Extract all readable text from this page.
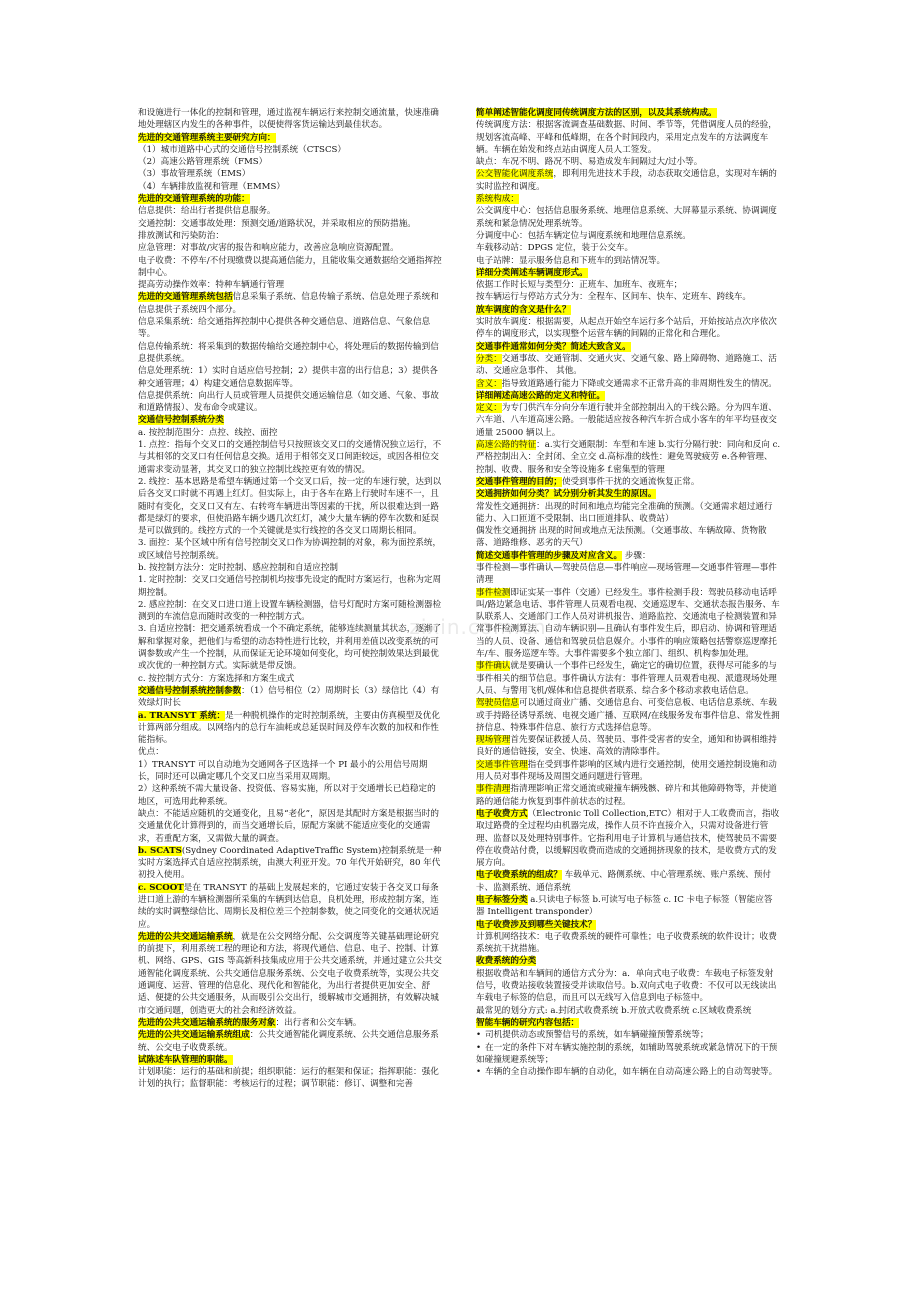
和设施进行一体化的控制和管理，通过监视车辆运行来控制交通流量，快速准确地处理辖区内发生的各种事件，以便使得客货运输达到最佳状态。
先进的交通管理系统主要研究方向：
（1）城市道路中心式的交通信号控制系统（CTSCS）
（2）高速公路管理系统（FMS）
（3）事故管理系统（EMS）
（4）车辆排放监视和管理（EMMS）
先进的交通管理系统的功能：
信息提供：给出行者提供信息服务。
交通控制：交通事故处理：预测交通/道路状况，并采取相应的预防措施。
排放测试和污染防治：
应急管理：对事故/灾害的报告和响应能力，改善应急响应资源配置。
电子收费：不停车/不付现缴费以提高通信能力，且能收集交通数据给交通指挥控制中心。
提高劳动操作效率：特种车辆通行管理
先进的交通管理系统包括信息采集子系统、信息传输子系统、信息处理子系统和信息提供子系统四个部分。
信息采集系统：给交通指挥控制中心提供各种交通信息、道路信息、气象信息等。
信息传输系统：将采集到的数据传输给交通控制中心，将处理后的数据传输到信息提供系统。
信息处理系统：1）实时自适应信号控制；2）提供丰富的出行信息；3）提供各种交通管理；4）构建交通信息数据库等。
信息提供系统：向出行人员或管理人员提供交通运输信息（如交通、气象、事故和道路情报）、发布命令或建议。
交通信号控制系统分类
a. 按控制范围分：点控、线控、面控
1. 点控：指每个交叉口的交通控制信号只按照该交叉口的交通情况独立运行，不与其相邻的交叉口有任何信息交换。适用于相邻交叉口间距较远，或因各相位交通需求变动显著，其交叉口的独立控制比线控更有效的情况。
2. 线控：基本思路是希望车辆通过第一个交叉口后，按一定的车速行驶，达到以后各交叉口时就不再遇上红灯。但实际上，由于各车在路上行驶时车速不一，且随时有变化，交叉口又有左、右转弯车辆进出等因素的干扰，所以很难达到一路都是绿灯的要求，但使沿路车辆少遇几次红灯，减少大量车辆的停车次数和延误是可以做到的。线控方式的一个关键就是实行线控的各交叉口周期长相同。
3. 面控：某个区域中所有信号控制交叉口作为协调控制的对象，称为面控系统，或区域信号控制系统。
b. 按控制方法分：定时控制、感应控制和自适应控制
1. 定时控制：交叉口交通信号控制机均按事先设定的配时方案运行，也称为定周期控制。
2. 感应控制：在交叉口进口道上设置车辆检测器，信号灯配时方案可随检测器检测到的车流信息而随时改变的一种控制方式。
3. 自适应控制：把交通系统看成一个不确定系统，能够连续测量其状态，逐渐了解和掌握对象，把他们与希望的动态特性进行比较，并利用差值以改变系统的可调参数或产生一个控制，从而保证无论环境如何变化，均可使控制效果达到最优或次优的一种控制方式。实际就是带反馈。
c. 按控制方式分：方案选择和方案生成式
交通信号控制系统控制参数：（1）信号相位（2）周期时长（3）绿信比（4）有效绿灯时长
a. TRANSYT 系统：是一种脱机操作的定时控制系统，主要由仿真模型及优化计算两部分组成。以网络内的总行车油耗或总延误时间及停车次数的加权和作性能指标。
优点：
1）TRANSYT 可以自动地为交通网各子区选择一个 PI 最小的公用信号周期长，同时还可以确定哪几个交叉口应当采用双周期。
2）这种系统不需大量设备、投资低、容易实施，所以对于交通增长已趋稳定的地区，可选用此种系统。
缺点：不能适应随机的交通变化，且易“老化”，原因是其配时方案是根据当时的交通量优化计算得到的，而当交通增长后，原配方案就不能适应变化的交通需求，若重配方案，又需做大量的调查。
b. SCATS(Sydney Coordinated AdaptiveTraffic System)控制系统是一种实时方案选择式自适应控制系统，由澳大利亚开发。70 年代开始研究，80 年代初投入使用。
c. SCOOT是在 TRANSYT 的基础上发展起来的，它通过安装于各交叉口每条进口道上游的车辆检测器所采集的车辆到达信息，良机处理，形成控制方案，连续的实时调整绿信比、周期长及相位差三个控制参数，使之同变化的交通状况适应。
先进的公共交通运输系统，就是在公交网络分配、公交调度等关键基础理论研究的前提下，利用系统工程的理论和方法，将现代通信、信息、电子、控制、计算机、网络、GPS、GIS 等高新科技集成应用于公共交通系统，并通过建立公共交通智能化调度系统、公共交通信息服务系统、公交电子收费系统等，实现公共交通调度、运营、管理的信息化、现代化和智能化，为出行者提供更加安全、舒适、便捷的公共交通服务，从而吸引公交出行，缓解城市交通拥挤，有效解决城市交通问题，创造更大的社会和经济效益。
先进的公共交通运输系统的服务对象：出行者和公交车辆。
先进的公共交通运输系统组成：公共交通智能化调度系统、公共交通信息服务系统、公交电子收费系统。
试陈述车队管理的职能。
计划职能：运行的基础和前提；组织职能：运行的框架和保证；指挥职能：强化计划的执行；监督职能：考核运行的过程；调节职能：修订、调整和完善
简单阐述智能化调度同传统调度方法的区别，以及其系统构成。
传统调度方法：根据客流调查基础数据、时间、季节等，凭借调度人员的经验，规划客流高峰、平峰和低峰期，在各个时间段内，采用定点发车的方法调度车辆。车辆在始发和终点站由调度人员人工签发。
缺点：车况不明、路况不明、易造成发车间隔过大/过小等。
公交智能化调度系统，即利用先进技术手段，动态获取交通信息，实现对车辆的实时监控和调度。
系统构成：
公交调度中心：包括信息服务系统、地理信息系统、大屏幕显示系统、协调调度系统和紧急情况处理系统等。
分调度中心：包括车辆定位与调度系统和地理信息系统。
车载移动站：DPGS 定位，装于公交车。
电子站牌：显示服务信息和下班车的到站情况等。
详细分类阐述车辆调度形式。
依据工作时长短与类型分：正班车、加班车、夜班车；
按车辆运行与停站方式分为：全程车、区间车、快车、定班车、跨线车。
放车调度的含义是什么？
实时放车调度：根据需要，从起点开始空车运行多个站后，开始按站点次序依次停车的调度形式，以实现整个运营车辆的间隔的正常化和合理化。
交通事件通常如何分类？简述大致含义。
分类：交通事故、交通管制、交通火灾、交通气象、路上障碍物、道路施工、活动、交通应急事件、 其他。
含义：指导致道路通行能力下降或交通需求不正常升高的非周期性发生的情况。
详细阐述高速公路的定义和特征。
定义：为专门供汽车分向分车道行驶并全部控制出入的干线公路。分为四车道、六车道、八车道高速公路。一般能适应按各种汽车折合成小客车的年平均昼夜交通量 25000 辆以上。
高速公路的特征：a.实行交通限制：车型和车速 b.实行分隔行驶：同向和反向 c.严格控制出入：全封闭、全立交 d.高标准的线性：避免驾驶疲劳 e.各种管理、控制、收费、服务和安全等设施多 f.密集型的管理
交通事件管理的目的；使受到事件干扰的交通流恢复正常。
交通拥挤如何分类？试分别分析其发生的原因。
常发性交通拥挤：出现的时间和地点均能完全准确的预测。（交通需求超过通行能力、入口匝道不受限制、出口匝道排队、收费站）
偶发性交通拥挤 出现的时间或地点无法预测。（交通事故、车辆故障、货物散落、道路维修、恶劣的天气）
简述交通事件管理的步骤及对应含义。 步骤：
事件检测—事件确认—驾驶员信息—事件响应—现场管理—交通事件管理—事件清理
事件检测即证实某一事件（交通）已经发生。事件检测手段：驾驶员移动电话呼叫/路边紧急电话、事件管理人员观看电视、交通巡逻车、交通状态报告服务、车队联系人、交通部门工作人员对讲机报告、道路监控、交通流电子检测装置和异常事件检测算法、自动车辆识别—且确认有事件发生后，即启动、协调和管理适当的人员、设备、通信和驾驶员信息媒介。小事件的响应策略包括警察巡逻摩托车/车、服务巡逻车等。大事件需要多个独立部门、组织、机构参加处理。
事件确认就是要确认一个事件已经发生，确定它的确切位置，获得尽可能多的与事件相关的细节信息。事件确认方法有：事件管理人员观看电视、派遣现场处理人员、与警用飞机/媒体和信息提供者联系、综合多个移动求救电话信息。
驾驶员信息可以通过商业广播、交通信息台、可变信息板、电话信息系统、车载或手持路径诱导系统、电视交通广播、互联网/在线服务发布事件信息、常发性拥挤信息、特殊事件信息、旅行方式选择信息等。
现场管理首先要保证救援人员、驾驶员、事件受害者的安全，通知和协调相维持良好的通信链接，安全、快速、高效的清除事件。
交通事件管理指在受到事件影响的区域内进行交通控制，使用交通控制设施和动用人员对事件现场及周围交通问题进行管理。
事件清理指清理影响正常交通流或碰撞车辆残骸、碎片和其他障碍物等，并使道路的通信能力恢复到事件前状态的过程。
电子收费方式（Electronic Toll Collection,ETC）相对于人工收费而言，指收取过路费的全过程均由机器完成，操作人员不许直接介入，只需对设备进行管理、监督以及处理特别事件。它指利用电子计算机与通信技术，使驾驶员不需要停在收费站付费，以缓解因收费而造成的交通拥挤现象的技术，是收费方式的发展方向。
电子收费系统的组成？ 车载单元、路侧系统、中心管理系统、账户系统、预付卡、监测系统、通信系统
电子标签分类 a.只读电子标签 b.可读写电子标签 c. IC 卡电子标签（智能应答器 Intelligent transponder）
电子收费涉及到哪些关键技术？
计算机网络技术：电子收费系统的硬件可靠性；电子收费系统的软件设计；收费系统抗干扰措施。
收费系统的分类
根据收费站和车辆间的通信方式分为：a．单向式电子收费：车载电子标签发射信号，收费站接收装置接受并读取信号。b.双向式电子收费：不仅可以无线读出车载电子标签的信息，而且可以无线写入信息到电子标签中。
最常见的划分方式: a.封闭式收费系统 b.开放式收费系统 c.区域收费系统
智能车辆的研究内容包括：
• 司机提供动态或预警信号的系统，如车辆碰撞预警系统等；
• 在一定的条件下对车辆实施控制的系统，如辅助驾驶系统或紧急情况下的干预如碰撞规避系统等；
• 车辆的全自动操作即车辆的自动化，如车辆在自动高速公路上的自动驾驶等。
zixin.com.cn
